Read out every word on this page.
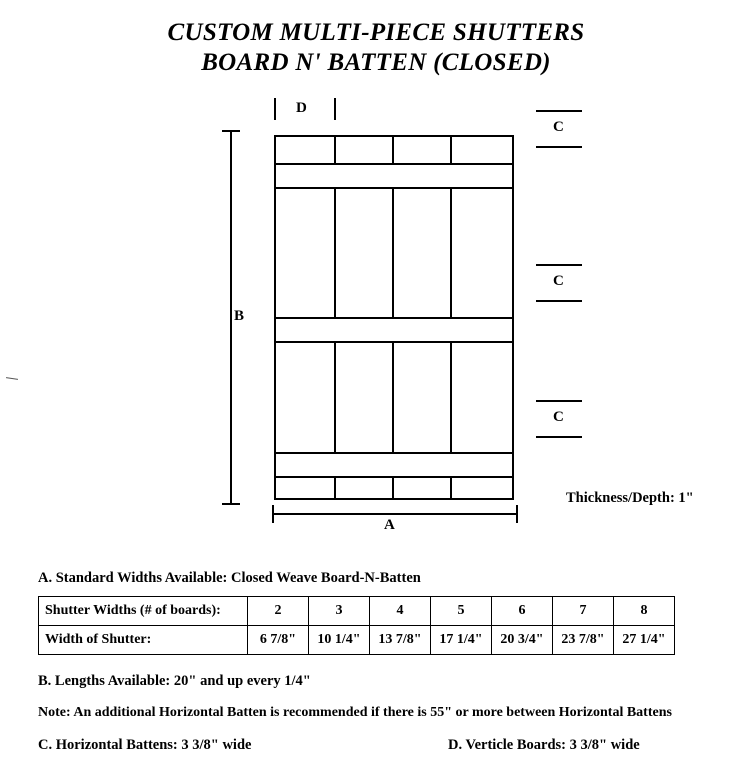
CUSTOM MULTI-PIECE SHUTTERS
BOARD N' BATTEN (CLOSED)
D
B
C
C
C
Thickness/Depth: 1"
A
A. Standard Widths Available: Closed Weave Board-N-Batten
Shutter Widths (# of boards):	2	3	4	5	6	7	8
Width of Shutter:	6 7/8"	10 1/4"	13 7/8"	17 1/4"	20 3/4"	23 7/8"	27 1/4"
B. Lengths Available: 20" and up every 1/4"
Note: An additional Horizontal Batten is recommended if there is 55" or more between Horizontal Battens
C. Horizontal Battens: 3 3/8" wide	D. Verticle Boards: 3 3/8" wide
